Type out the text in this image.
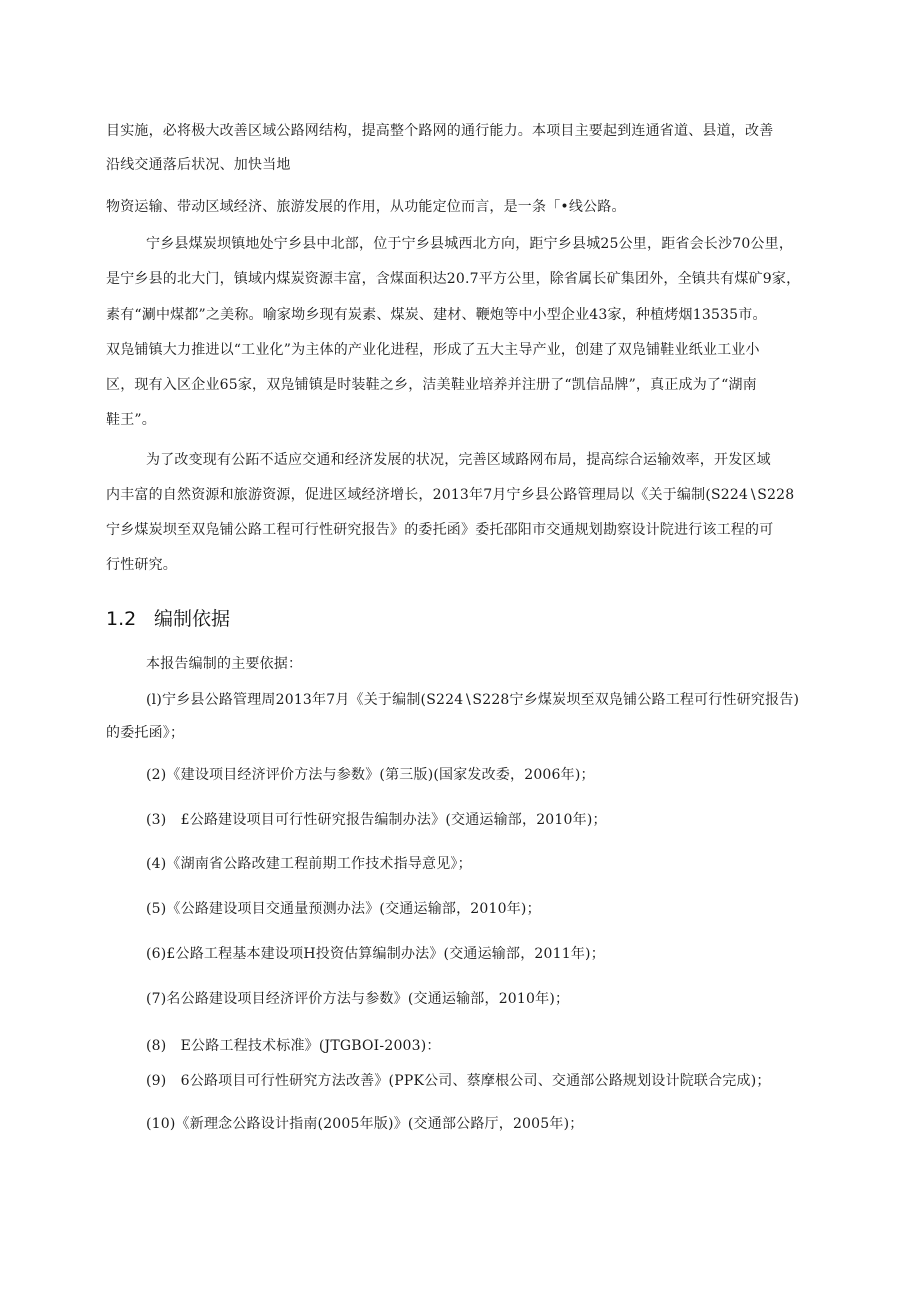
目实施，必将极大改善区域公路网结构，提高整个路网的通行能力。本项目主要起到连通省道、县道，改善
沿线交通落后状况、加快当地
物资运输、带动区域经济、旅游发展的作用，从功能定位而言，是一条「•线公路。
宁乡县煤炭坝镇地处宁乡县中北部，位于宁乡县城西北方向，距宁乡县城25公里，距省会长沙70公里，
是宁乡县的北大门，镇域内煤炭资源丰富，含煤面积达20.7平方公里，除省属长矿集团外，全镇共有煤矿9家，
素有“涮中煤都”之美称。喻家坳乡现有炭素、煤炭、建材、鞭炮等中小型企业43家，种植烤烟13535市。
双凫铺镇大力推进以“工业化”为主体的产业化进程，形成了五大主导产业，创建了双凫铺鞋业纸业工业小
区，现有入区企业65家，双凫铺镇是时装鞋之乡，洁美鞋业培养并注册了“凯信品牌”，真正成为了“湖南
鞋王”。
为了改变现有公跖不适应交通和经济发展的状况，完善区域路网布局，提高综合运输效率，开发区域
内丰富的自然资源和旅游资源，促进区域经济增长，2013年7月宁乡县公路管理局以《关于编制(S224∖S228
宁乡煤炭坝至双凫铺公路工程可行性研究报告》的委托函》委托邵阳市交通规划勘察设计院进行该工程的可
行性研究。
1.2 编制依据
本报告编制的主要依据：
(l)宁乡县公路管理周2013年7月《关于编制(S224∖S228宁乡煤炭坝至双凫铺公路工程可行性研究报告)
的委托函》；
(2)《建设项目经济评价方法与参数》(第三版)(国家发改委，2006年)；
(3)　£公路建设项目可行性研究报告编制办法》(交通运输部，2010年)；
(4)《湖南省公路改建工程前期工作技术指导意见》；
(5)《公路建设项目交通量预测办法》(交通运输部，2010年)；
(6)£公路工程基本建设项H投资估算编制办法》(交通运输部，2011年)；
(7)名公路建设项目经济评价方法与参数》(交通运输部，2010年)；
(8)　E公路工程技术标准》(JTGBOI-2003)：
(9)　6公路项目可行性研究方法改善》(PPK公司、蔡摩根公司、交通部公路规划设计院联合完成)；
(10)《新理念公路设计指南(2005年版)》(交通部公路厅，2005年)；
